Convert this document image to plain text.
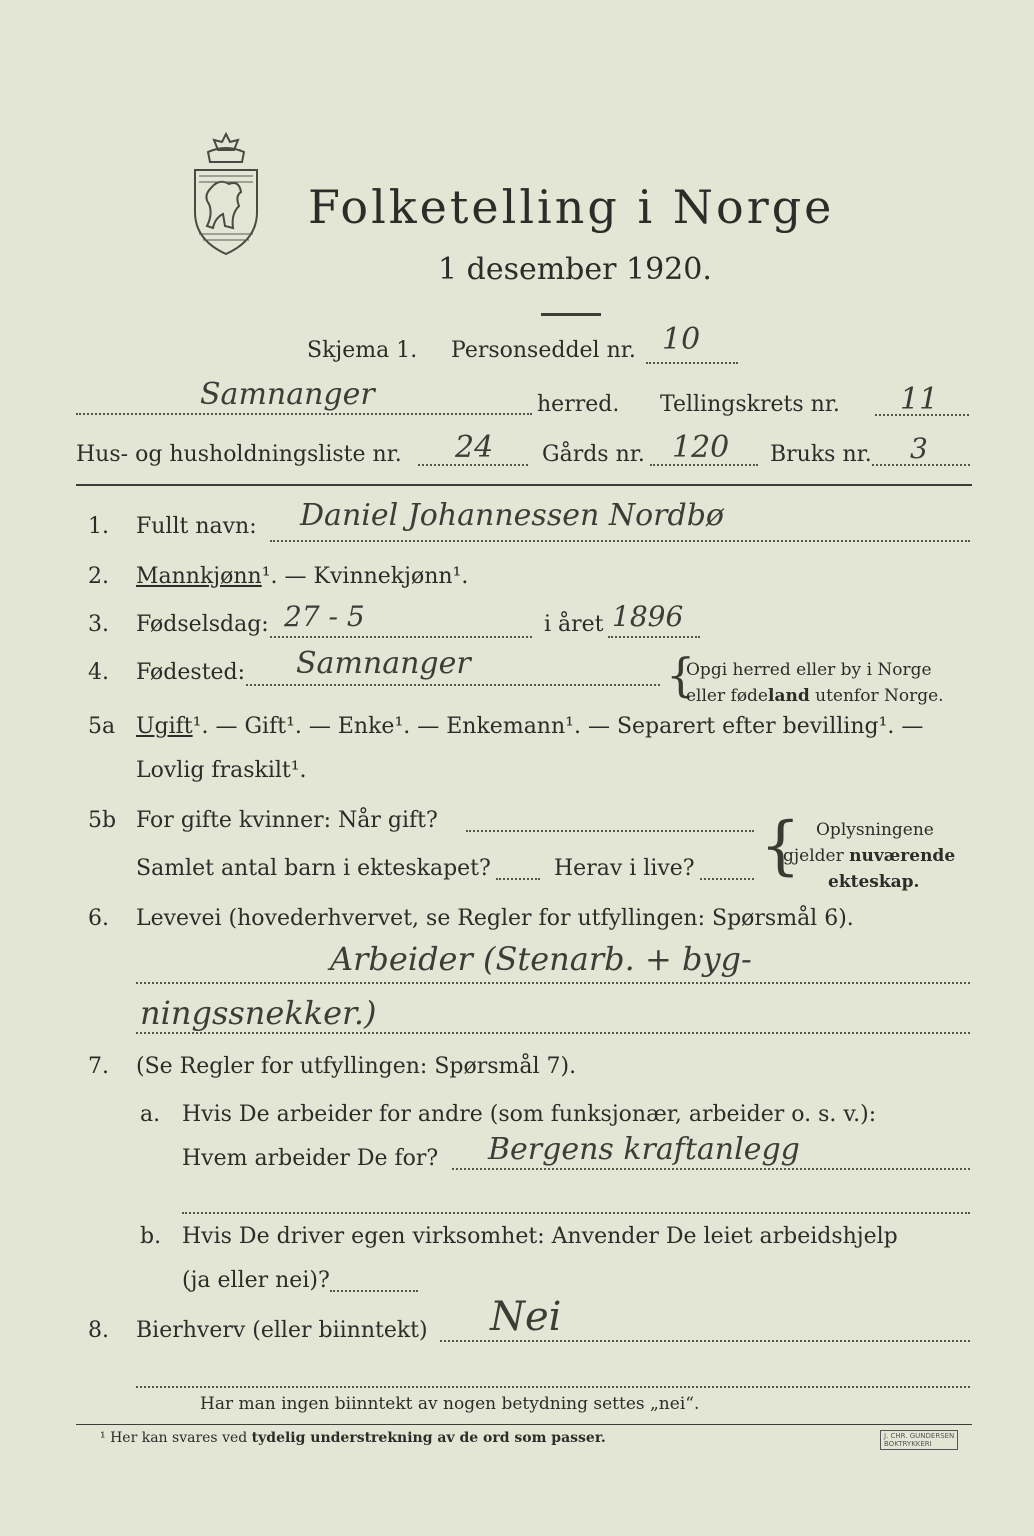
Folketelling i Norge
1 desember 1920.
Skjema 1. Personseddel nr. 10
Samnanger	herred. Tellingskrets nr. 11
Hus- og husholdningsliste nr. 24 Gårds nr. 120 Bruks nr. 3
1. Fullt navn: Daniel Johannessen Nordbø
2. Mannkjønn¹. — Kvinnekjønn¹.
3. Fødselsdag: 27 - 5	i året 1896
4. Fødested: Samnanger	{
Opgi herred eller by i Norge
eller fødeland utenfor Norge.
5a Ugift¹. — Gift¹. — Enke¹. — Enkemann¹. — Separert efter bevilling¹. —
Lovlig fraskilt¹.
5b For gifte kvinner: Når gift?
Samlet antal barn i ekteskapet?	Herav i live? { Oplysningene
gjelder nuværende
ekteskap.
6. Levevei (hovederhvervet, se Regler for utfyllingen: Spørsmål 6).
Arbeider (Stenarb. + byg-
ningssnekker.)
7. (Se Regler for utfyllingen: Spørsmål 7).
a. Hvis De arbeider for andre (som funksjonær, arbeider o. s. v.):
Hvem arbeider De for? Bergens kraftanlegg
b. Hvis De driver egen virksomhet: Anvender De leiet arbeidshjelp
(ja eller nei)?
8. Bierhverv (eller biinntekt) Nei
Har man ingen biinntekt av nogen betydning settes „nei“.
¹ Her kan svares ved tydelig understrekning av de ord som passer.	J. CHR. GUNDERSEN
BOKTRYKKERI
